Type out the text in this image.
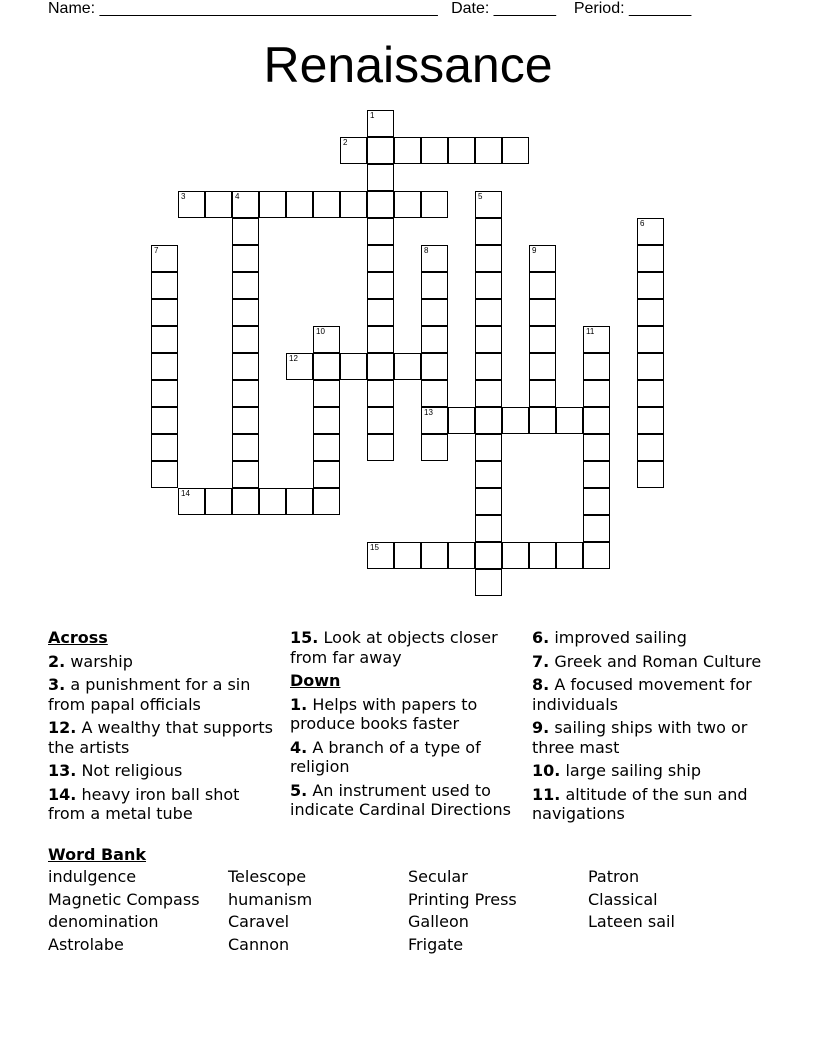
Name: ______________________________________ Date: _______ Period: _______
Renaissance
1
2
3	4	5
6
7	8
13
9
10	11
12
14
15
Across
2. warship
3. a punishment for a sin from papal officials
12. A wealthy that supports the artists
13. Not religious
14. heavy iron ball shot from a metal tube
15. Look at objects closer from far away
Down
1. Helps with papers to produce books faster
4. A branch of a type of religion
5. An instrument used to indicate Cardinal Directions
6. improved sailing
7. Greek and Roman Culture
8. A focused movement for individuals
9. sailing ships with two or three mast
10. large sailing ship
11. altitude of the sun and navigations
Word Bank
indulgence	Telescope	Secular	Patron
Magnetic Compass	humanism	Printing Press	Classical
denomination	Caravel	Galleon	Lateen sail
Astrolabe	Cannon	Frigate
